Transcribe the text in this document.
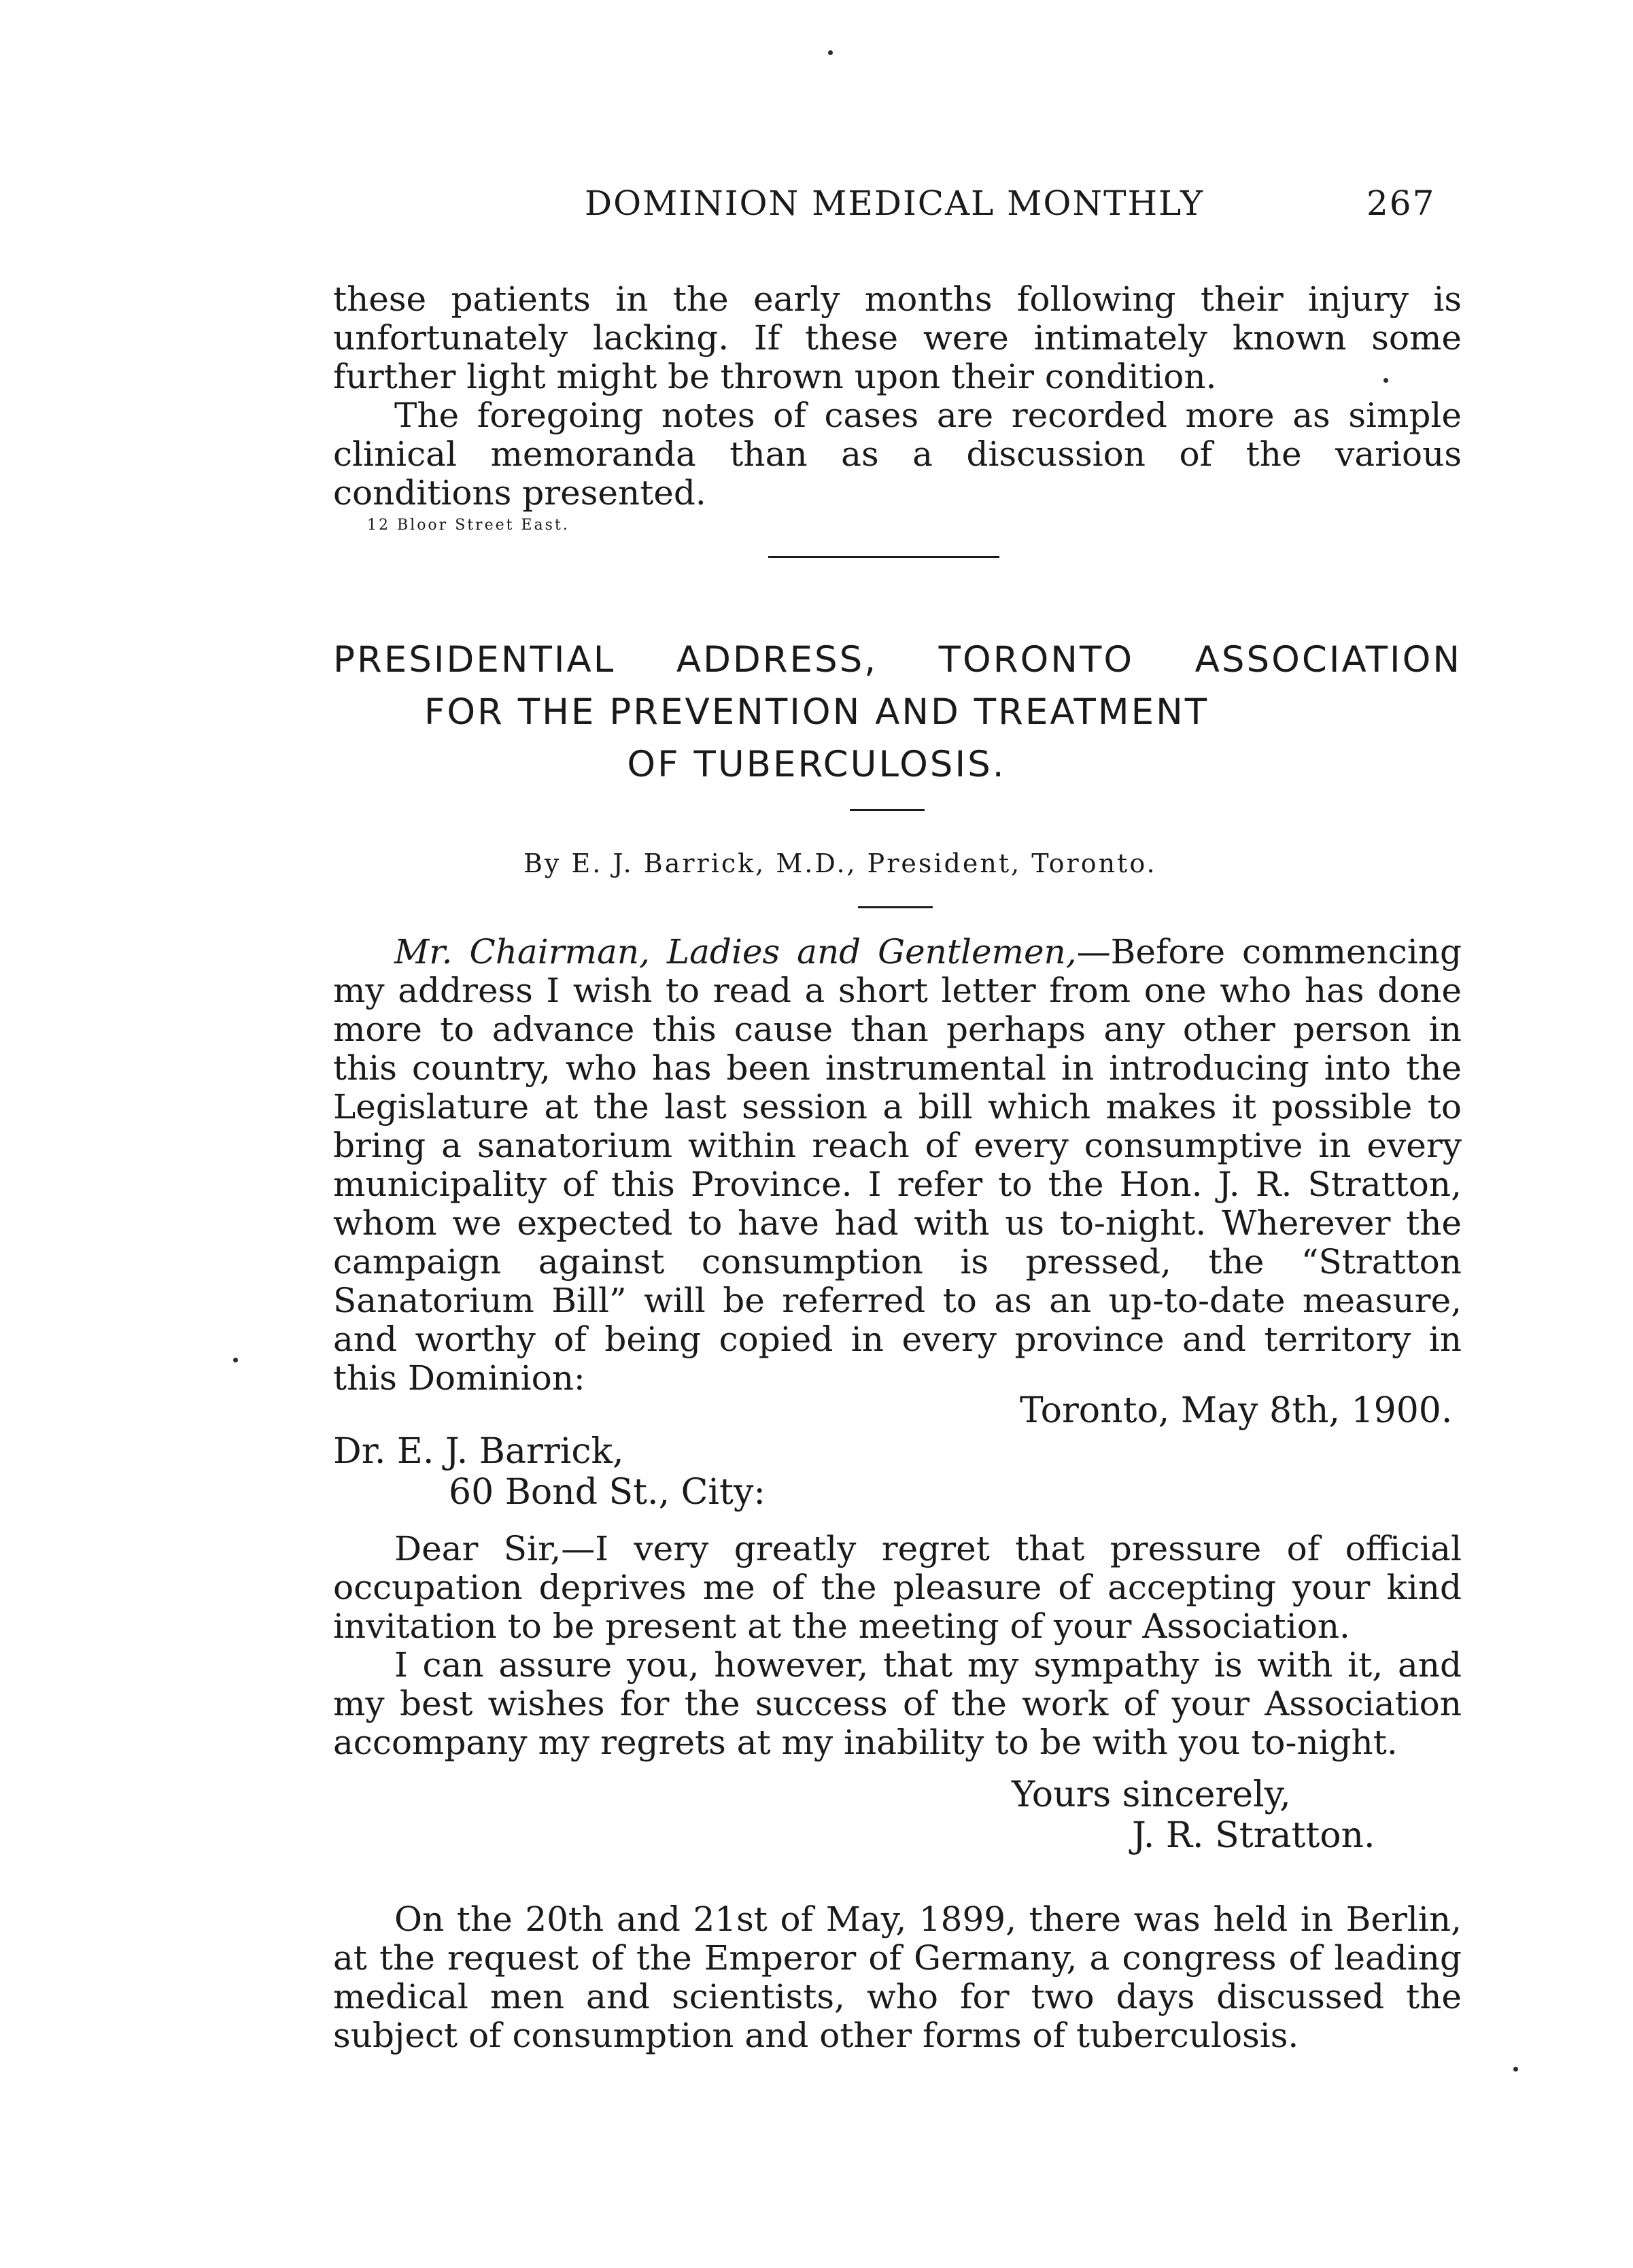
DOMINION MEDICAL MONTHLY	267
these patients in the early months following their injury is unfortunately lacking. If these were intimately known some further light might be thrown upon their condition.
The foregoing notes of cases are recorded more as simple clinical memoranda than as a discussion of the various conditions presented.
12 Bloor Street East.
PRESIDENTIAL ADDRESS, TORONTO ASSOCIATION
FOR THE PREVENTION AND TREATMENT
OF TUBERCULOSIS.
By E. J. Barrick, M.D., President, Toronto.
Mr. Chairman, Ladies and Gentlemen,—Before commencing my address I wish to read a short letter from one who has done more to advance this cause than perhaps any other person in this country, who has been instrumental in introducing into the Legislature at the last session a bill which makes it possible to bring a sanatorium within reach of every consumptive in every municipality of this Province. I refer to the Hon. J. R. Stratton, whom we expected to have had with us to-night. Wherever the campaign against consumption is pressed, the “Stratton Sanatorium Bill” will be referred to as an up-to-date measure, and worthy of being copied in every province and territory in this Dominion:
Toronto, May 8th, 1900.
Dr. E. J. Barrick,
60 Bond St., City:
Dear Sir,—I very greatly regret that pressure of official occupation deprives me of the pleasure of accepting your kind invitation to be present at the meeting of your Association.
I can assure you, however, that my sympathy is with it, and my best wishes for the success of the work of your Association accompany my regrets at my inability to be with you to-night.
Yours sincerely,
J. R. Stratton.
On the 20th and 21st of May, 1899, there was held in Berlin, at the request of the Emperor of Germany, a congress of leading medical men and scientists, who for two days discussed the subject of consumption and other forms of tuberculosis.
